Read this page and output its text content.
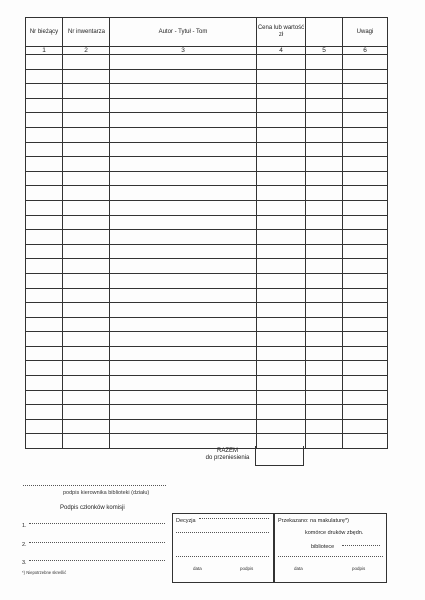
Nr bieżący	Nr inwentarza	Autor - Tytuł - Tom	Cena lub wartość zł		Uwagi
1	2	3	4	5	6

RAZEM
do przeniesienia
podpis kierownika biblioteki (działu)
Podpis członków komisji
1.
2.
3.
*) Niepotrzebne skreślić
Decyzja
data	podpis
Przekazano: na makulaturę*)
komórce druków zbędn.
bibliotece
data	podpis
